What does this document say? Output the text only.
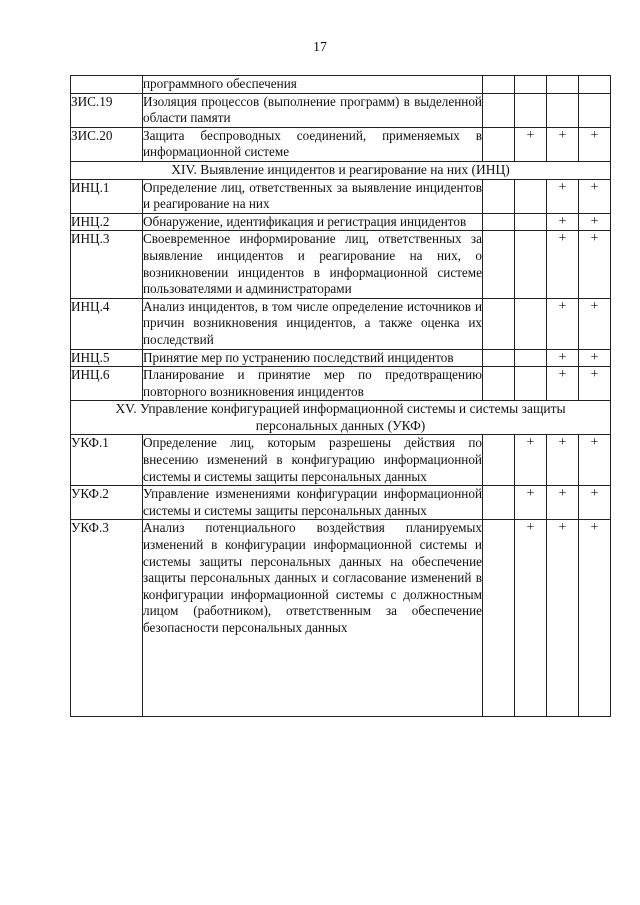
17
	программного обеспечения				
ЗИС.19	Изоляция процессов (выполнение программ) в выделенной области памяти				
ЗИС.20	Защита беспроводных соединений, применяемых в информационной системе		+	+	+
XIV. Выявление инцидентов и реагирование на них (ИНЦ)					
ИНЦ.1	Определение лиц, ответственных за выявление инцидентов и реагирование на них			+	+
ИНЦ.2	Обнаружение, идентификация и регистрация инцидентов			+	+
ИНЦ.3	Своевременное информирование лиц, ответственных за выявление инцидентов и реагирование на них, о возникновении инцидентов в информационной системе пользователями и администраторами			+	+
ИНЦ.4	Анализ инцидентов, в том числе определение источников и причин возникновения инцидентов, а также оценка их последствий			+	+
ИНЦ.5	Принятие мер по устранению последствий инцидентов			+	+
ИНЦ.6	Планирование и принятие мер по предотвращению повторного возникновения инцидентов			+	+
XV. Управление конфигурацией информационной системы и системы защиты персональных данных (УКФ)					
УКФ.1	Определение лиц, которым разрешены действия по внесению изменений в конфигурацию информационной системы и системы защиты персональных данных		+	+	+
УКФ.2	Управление изменениями конфигурации информационной системы и системы защиты персональных данных		+	+	+
УКФ.3	Анализ потенциального воздействия планируемых изменений в конфигурации информационной системы и системы защиты персональных данных на обеспечение защиты персональных данных и согласование изменений в конфигурации информационной системы с должностным лицом (работником), ответственным за обеспечение безопасности персональных данных		+	+	+
